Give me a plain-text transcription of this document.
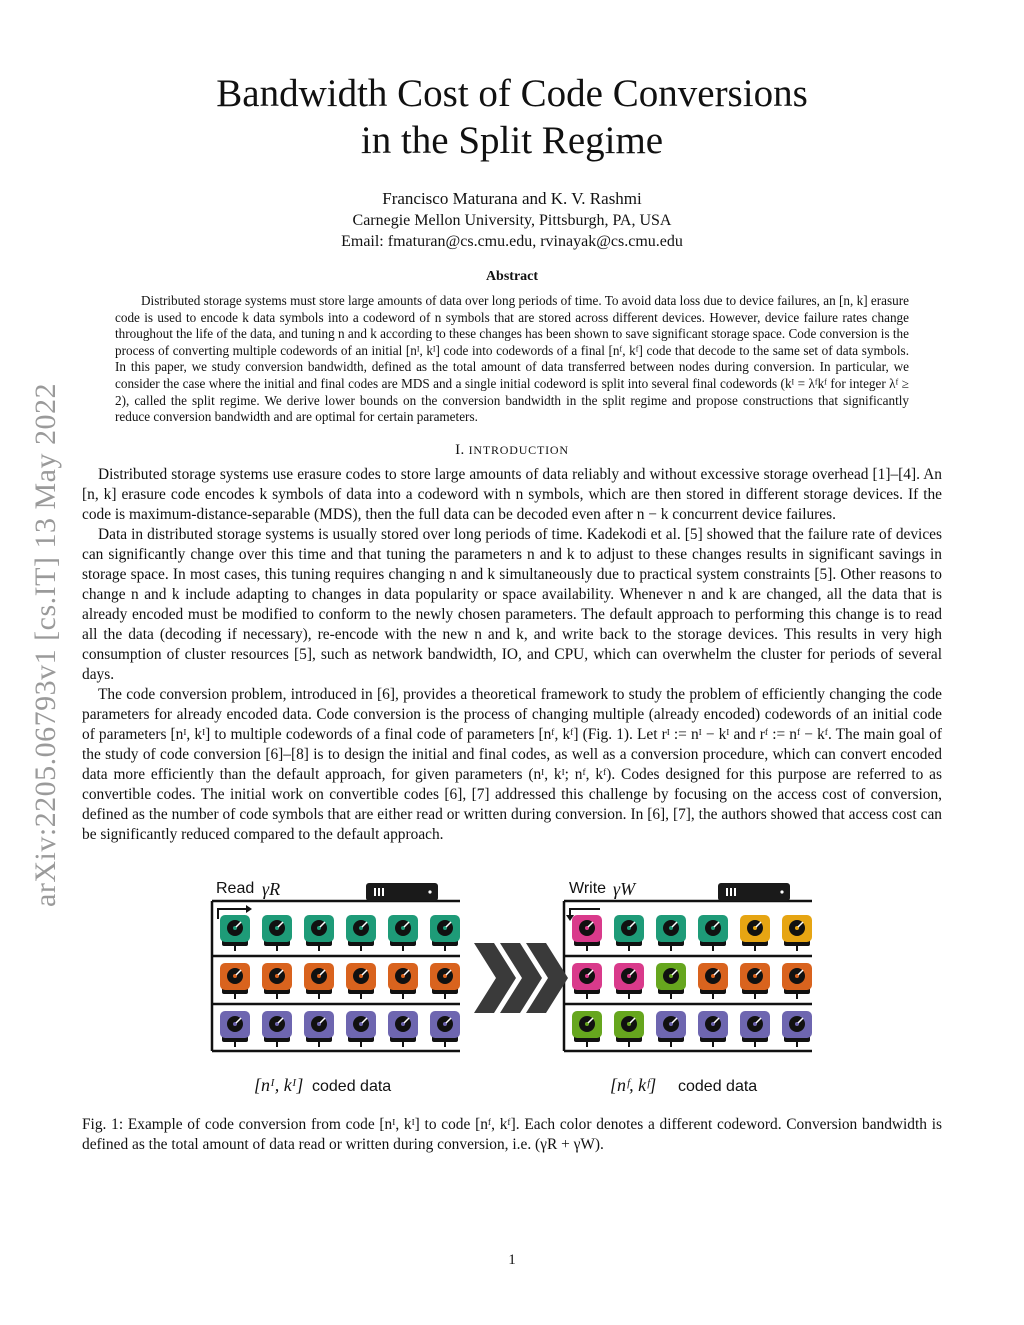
arXiv:2205.06793v1 [cs.IT] 13 May 2022
Bandwidth Cost of Code Conversions
in the Split Regime
Francisco Maturana and K. V. Rashmi
Carnegie Mellon University, Pittsburgh, PA, USA
Email: fmaturan@cs.cmu.edu, rvinayak@cs.cmu.edu
Abstract
Distributed storage systems must store large amounts of data over long periods of time. To avoid data loss due to device failures, an [n, k] erasure code is used to encode k data symbols into a codeword of n symbols that are stored across different devices. However, device failure rates change throughout the life of the data, and tuning n and k according to these changes has been shown to save significant storage space. Code conversion is the process of converting multiple codewords of an initial [nᴵ, kᴵ] code into codewords of a final [nᶠ, kᶠ] code that decode to the same set of data symbols. In this paper, we study conversion bandwidth, defined as the total amount of data transferred between nodes during conversion. In particular, we consider the case where the initial and final codes are MDS and a single initial codeword is split into several final codewords (kᴵ = λᶠkᶠ for integer λᶠ ≥ 2), called the split regime. We derive lower bounds on the conversion bandwidth in the split regime and propose constructions that significantly reduce conversion bandwidth and are optimal for certain parameters.
I. INTRODUCTION

Distributed storage systems use erasure codes to store large amounts of data reliably and without excessive storage overhead [1]–[4]. An [n, k] erasure code encodes k symbols of data into a codeword with n symbols, which are then stored in different storage devices. If the code is maximum-distance-separable (MDS), then the full data can be decoded even after n − k concurrent device failures.

Data in distributed storage systems is usually stored over long periods of time. Kadekodi et al. [5] showed that the failure rate of devices can significantly change over this time and that tuning the parameters n and k to adjust to these changes results in significant savings in storage space. In most cases, this tuning requires changing n and k simultaneously due to practical system constraints [5]. Other reasons to change n and k include adapting to changes in data popularity or space availability. Whenever n and k are changed, all the data that is already encoded must be modified to conform to the newly chosen parameters. The default approach to performing this change is to read all the data (decoding if necessary), re-encode with the new n and k, and write back to the storage devices. This results in very high consumption of cluster resources [5], such as network bandwidth, IO, and CPU, which can overwhelm the cluster for periods of several days.

The code conversion problem, introduced in [6], provides a theoretical framework to study the problem of efficiently changing the code parameters for already encoded data. Code conversion is the process of changing multiple (already encoded) codewords of an initial code of parameters [nᴵ, kᴵ] to multiple codewords of a final code of parameters [nᶠ, kᶠ] (Fig. 1). Let rᴵ := nᴵ − kᴵ and rᶠ := nᶠ − kᶠ. The main goal of the study of code conversion [6]–[8] is to design the initial and final codes, as well as a conversion procedure, which can convert encoded data more efficiently than the default approach, for given parameters (nᴵ, kᴵ; nᶠ, kᶠ). Codes designed for this purpose are referred to as convertible codes. The initial work on convertible codes [6], [7] addressed this challenge by focusing on the access cost of conversion, defined as the number of code symbols that are either read or written during conversion. In [6], [7], the authors showed that access cost can be significantly reduced compared to the default approach.

Read γR	Write γW
[nᴵ, kᴵ] coded data	[nᶠ, kᶠ] coded data
Fig. 1: Example of code conversion from code [nᴵ, kᴵ] to code [nᶠ, kᶠ]. Each color denotes a different codeword. Conversion bandwidth is defined as the total amount of data read or written during conversion, i.e. (γR + γW).
1
